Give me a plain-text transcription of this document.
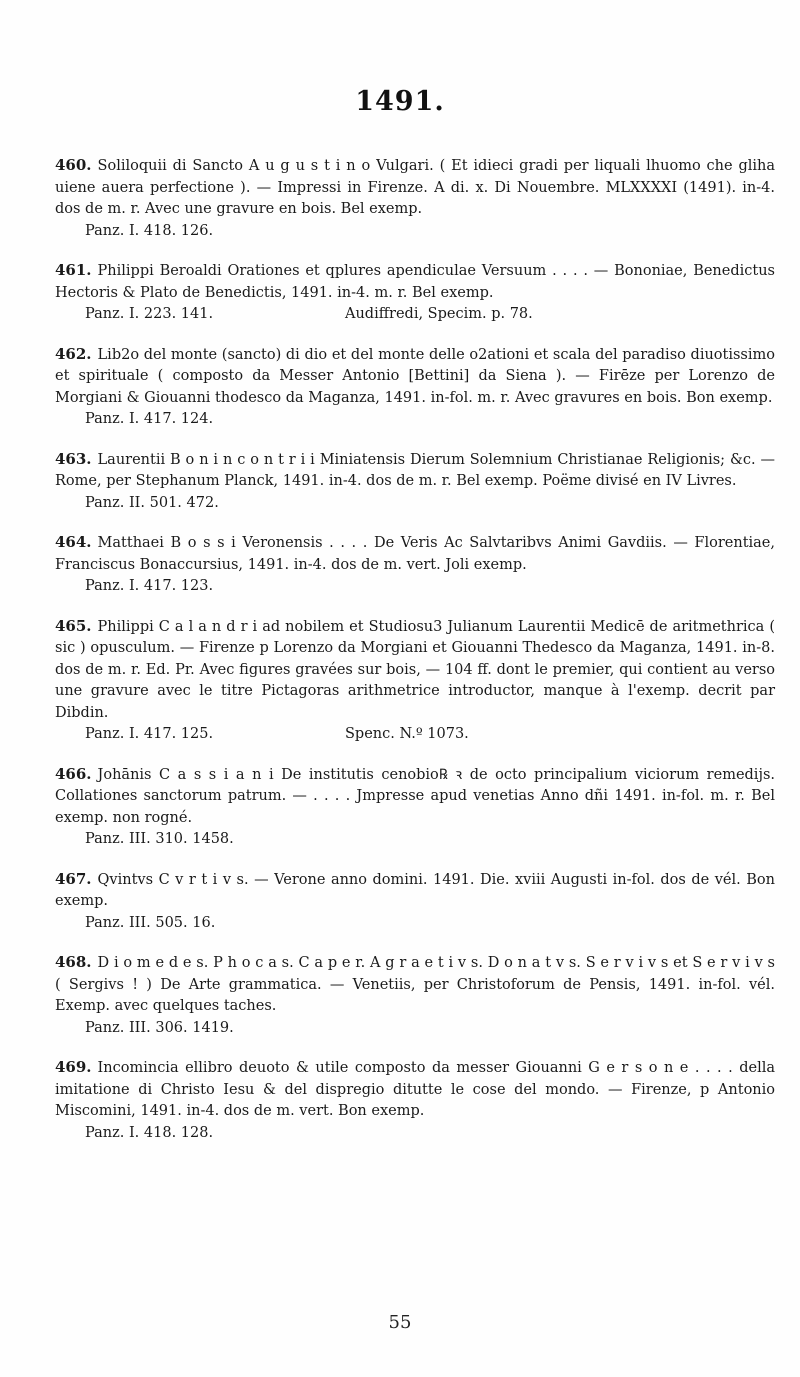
1491.
460. Soliloquii di Sancto A u g u s t i n o Vulgari. ( Et idieci gradi per liquali lhuomo che gliha uiene auera perfectione ). — Impressi in Firenze. A di. x. Di Nouembre. MLXXXXI (1491). in-4. dos de m. r. Avec une gravure en bois. Bel exemp.
Panz. I. 418. 126.
461. Philippi Beroaldi Orationes et qplures apendiculae Versuum . . . . — Bononiae, Benedictus Hectoris & Plato de Benedictis, 1491. in-4. m. r. Bel exemp.
Panz. I. 223. 141.	Audiffredi, Specim. p. 78.
462. Lib2o del monte (sancto) di dio et del monte delle o2ationi et scala del paradiso diuotissimo et spirituale ( composto da Messer Antonio [Bettini] da Siena ). — Firēze per Lorenzo de Morgiani & Giouanni thodesco da Maganza, 1491. in-fol. m. r. Avec gravures en bois. Bon exemp.
Panz. I. 417. 124.
463. Laurentii B o n i n c o n t r i i Miniatensis Dierum Solemnium Christianae Religionis; &c. — Rome, per Stephanum Planck, 1491. in-4. dos de m. r. Bel exemp. Poëme divisé en IV Livres.
Panz. II. 501. 472.
464. Matthaei B o s s i Veronensis . . . . De Veris Ac Salvtaribvs Animi Gavdiis. — Florentiae, Franciscus Bonaccursius, 1491. in-4. dos de m. vert. Joli exemp.
Panz. I. 417. 123.
465. Philippi C a l a n d r i ad nobilem et Studiosu3 Julianum Laurentii Medicē de aritmethrica ( sic ) opusculum. — Firenze p Lorenzo da Morgiani et Giouanni Thedesco da Maganza, 1491. in-8. dos de m. r. Ed. Pr. Avec figures gravées sur bois, — 104 ff. dont le premier, qui contient au verso une gravure avec le titre Pictagoras arithmetrice introductor, manque à l'exemp. decrit par Dibdin.
Panz. I. 417. 125.	Spenc. N.º 1073.
466. Johānis C a s s i a n i De institutis cenobio℞ ꝛ de octo principalium viciorum remedijs. Collationes sanctorum patrum. — . . . . Jmpresse apud venetias Anno dñi 1491. in-fol. m. r. Bel exemp. non rogné.
Panz. III. 310. 1458.
467. Qvintvs C v r t i v s. — Verone anno domini. 1491. Die. xviii Augusti in-fol. dos de vél. Bon exemp.
Panz. III. 505. 16.
468. D i o m e d e s. P h o c a s. C a p e r. A g r a e t i v s. D o n a t v s. S e r v i v s et S e r v i v s ( Sergivs ! ) De Arte grammatica. — Venetiis, per Christoforum de Pensis, 1491. in-fol. vél. Exemp. avec quelques taches.
Panz. III. 306. 1419.
469. Incomincia ellibro deuoto & utile composto da messer Giouanni G e r s o n e . . . . della imitatione di Christo Iesu & del dispregio ditutte le cose del mondo. — Firenze, p Antonio Miscomini, 1491. in-4. dos de m. vert. Bon exemp.
Panz. I. 418. 128.
55
